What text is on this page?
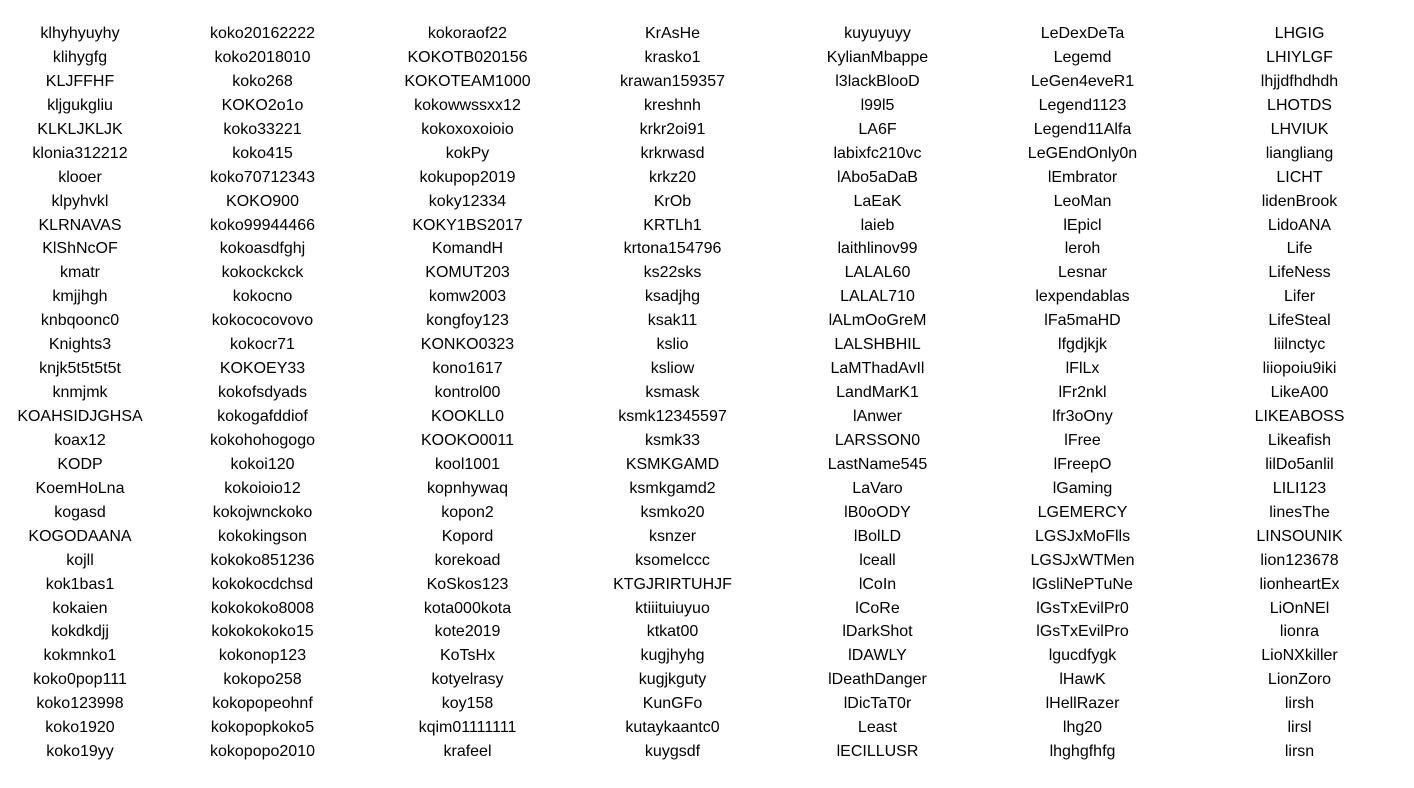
klhyhyuyhy
klihygfg
KLJFFHF
kljgukgliu
KLKLJKLJK
klonia312212
klooer
klpyhvkl
KLRNAVAS
KlShNcOF
kmatr
kmjjhgh
knbqoonc0
Knights3
knjk5t5t5t5t
knmjmk
KOAHSIDJGHSA
koax12
KODP
KoemHoLna
kogasd
KOGODAANA
kojll
kok1bas1
kokaien
kokdkdjj
kokmnko1
koko0pop111
koko123998
koko1920
koko19yy
koko20162222
koko2018010
koko268
KOKO2o1o
koko33221
koko415
koko70712343
KOKO900
koko99944466
kokoasdfghj
kokockckck
kokocno
kokococovovo
kokocr71
KOKOEY33
kokofsdyads
kokogafddiof
kokohohogogo
kokoi120
kokoioio12
kokojwnckoko
kokokingson
kokoko851236
kokokocdchsd
kokokoko8008
kokokokoko15
kokonop123
kokopo258
kokopopeohnf
kokopopkoko5
kokopopo2010
kokoraof22
KOKOTB020156
KOKOTEAM1000
kokowwssxx12
kokoxoxoioio
kokPy
kokupop2019
koky12334
KOKY1BS2017
KomandH
KOMUT203
komw2003
kongfoy123
KONKO0323
kono1617
kontrol00
KOOKLL0
KOOKO0011
kool1001
kopnhywaq
kopon2
Kopord
korekoad
KoSkos123
kota000kota
kote2019
KoTsHx
kotyelrasy
koy158
kqim01111111
krafeel
KrAsHe
krasko1
krawan159357
kreshnh
krkr2oi91
krkrwasd
krkz20
KrOb
KRTLh1
krtona154796
ks22sks
ksadjhg
ksak11
kslio
ksliow
ksmask
ksmk12345597
ksmk33
KSMKGAMD
ksmkgamd2
ksmko20
ksnzer
ksomelccc
KTGJRIRTUHJF
ktiiituiuyuo
ktkat00
kugjhyhg
kugjkguty
KunGFo
kutaykaantc0
kuygsdf
kuyuyuyy
KylianMbappe
l3lackBlooD
l99l5
LA6F
labixfc210vc
lAbo5aDaB
LaEaK
laieb
laithlinov99
LALAL60
LALAL710
lALmOoGreM
LALSHBHIL
LaMThadAvIl
LandMarK1
lAnwer
LARSSON0
LastName545
LaVaro
lB0oODY
lBolLD
lceall
lCoIn
lCoRe
lDarkShot
lDAWLY
lDeathDanger
lDicTaT0r
Least
lECILLUSR
LeDexDeTa
Legemd
LeGen4eveR1
Legend1123
Legend11Alfa
LeGEndOnly0n
lEmbrator
LeoMan
lEpicl
leroh
Lesnar
lexpendablas
lFa5maHD
lfgdjkjk
lFlLx
lFr2nkl
lfr3oOny
lFree
lFreepO
lGaming
LGEMERCY
LGSJxMoFlls
LGSJxWTMen
lGsliNePTuNe
lGsTxEvilPr0
lGsTxEvilPro
lgucdfygk
lHawK
lHellRazer
lhg20
lhghgfhfg
LHGIG
LHIYLGF
lhjjdfhdhdh
LHOTDS
LHVIUK
liangliang
LICHT
lidenBrook
LidoANA
Life
LifeNess
Lifer
LifeSteal
liilnctyc
liiopoiu9iki
LikeA00
LIKEABOSS
Likeafish
lilDo5anlil
LILI123
linesThe
LINSOUNIK
lion123678
lionheartEx
LiOnNEl
lionra
LioNXkiller
LionZoro
lirsh
lirsl
lirsn
